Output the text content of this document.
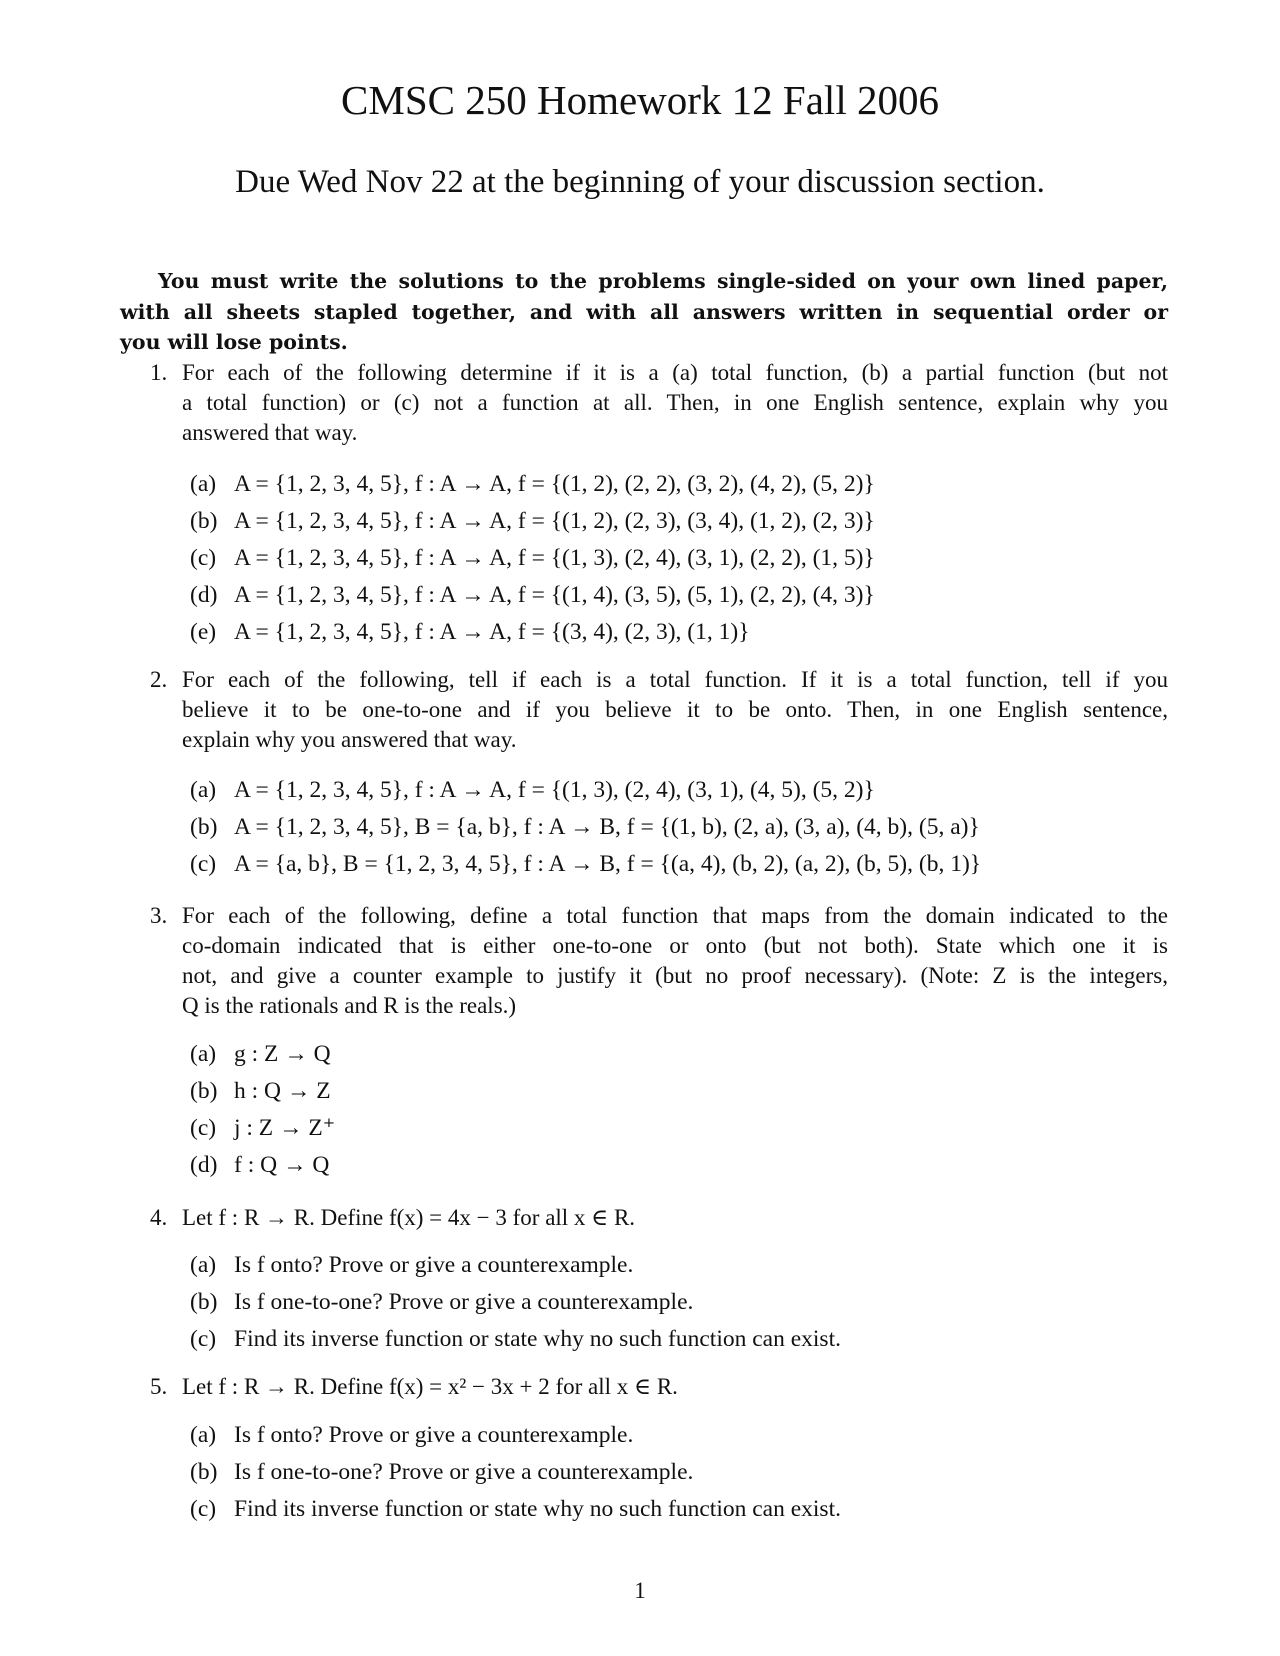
CMSC 250 Homework 12 Fall 2006
Due Wed Nov 22 at the beginning of your discussion section.
You must write the solutions to the problems single-sided on your own lined paper,
with all sheets stapled together, and with all answers written in sequential order or
you will lose points.
1. For each of the following determine if it is a (a) total function, (b) a partial function (but not
a total function) or (c) not a function at all. Then, in one English sentence, explain why you
answered that way.
(a) A = {1, 2, 3, 4, 5}, f : A → A, f = {(1, 2), (2, 2), (3, 2), (4, 2), (5, 2)}
(b) A = {1, 2, 3, 4, 5}, f : A → A, f = {(1, 2), (2, 3), (3, 4), (1, 2), (2, 3)}
(c) A = {1, 2, 3, 4, 5}, f : A → A, f = {(1, 3), (2, 4), (3, 1), (2, 2), (1, 5)}
(d) A = {1, 2, 3, 4, 5}, f : A → A, f = {(1, 4), (3, 5), (5, 1), (2, 2), (4, 3)}
(e) A = {1, 2, 3, 4, 5}, f : A → A, f = {(3, 4), (2, 3), (1, 1)}
2. For each of the following, tell if each is a total function. If it is a total function, tell if you
believe it to be one-to-one and if you believe it to be onto. Then, in one English sentence,
explain why you answered that way.
(a) A = {1, 2, 3, 4, 5}, f : A → A, f = {(1, 3), (2, 4), (3, 1), (4, 5), (5, 2)}
(b) A = {1, 2, 3, 4, 5}, B = {a, b}, f : A → B, f = {(1, b), (2, a), (3, a), (4, b), (5, a)}
(c) A = {a, b}, B = {1, 2, 3, 4, 5}, f : A → B, f = {(a, 4), (b, 2), (a, 2), (b, 5), (b, 1)}
3. For each of the following, define a total function that maps from the domain indicated to the
co-domain indicated that is either one-to-one or onto (but not both). State which one it is
not, and give a counter example to justify it (but no proof necessary). (Note: Z is the integers,
Q is the rationals and R is the reals.)
(a) g : Z → Q
(b) h : Q → Z
(c) j : Z → Z⁺
(d) f : Q → Q
4. Let f : R → R. Define f(x) = 4x − 3 for all x ∈ R.
(a) Is f onto? Prove or give a counterexample.
(b) Is f one-to-one? Prove or give a counterexample.
(c) Find its inverse function or state why no such function can exist.
5. Let f : R → R. Define f(x) = x² − 3x + 2 for all x ∈ R.
(a) Is f onto? Prove or give a counterexample.
(b) Is f one-to-one? Prove or give a counterexample.
(c) Find its inverse function or state why no such function can exist.
1
